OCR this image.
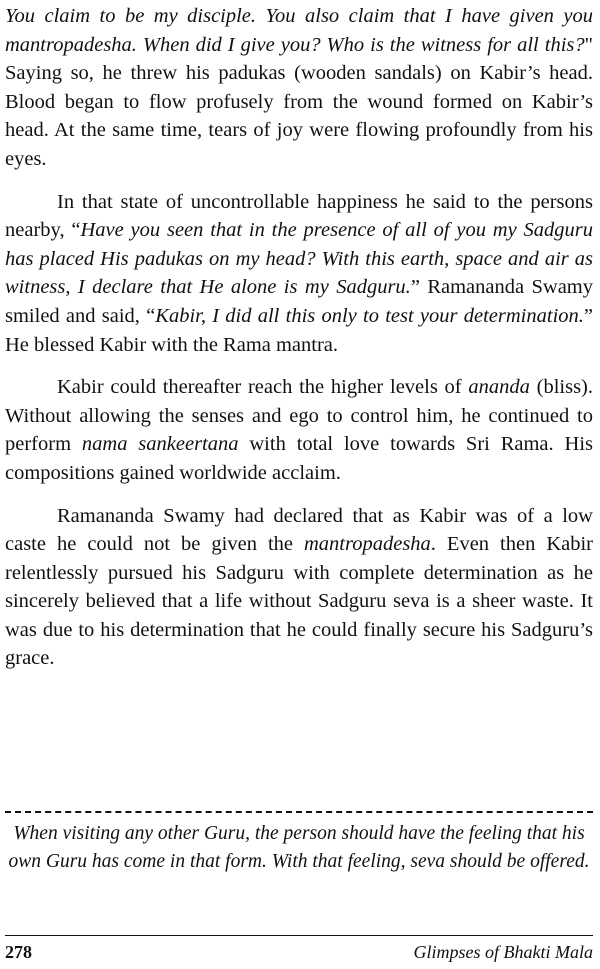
You claim to be my disciple. You also claim that I have given you mantropadesha. When did I give you? Who is the witness for all this?" Saying so, he threw his padukas (wooden sandals) on Kabir’s head. Blood began to flow profusely from the wound formed on Kabir’s head. At the same time, tears of joy were flowing profoundly from his eyes.

In that state of uncontrollable happiness he said to the persons nearby, “Have you seen that in the presence of all of you my Sadguru has placed His padukas on my head? With this earth, space and air as witness, I declare that He alone is my Sadguru.” Ramananda Swamy smiled and said, “Kabir, I did all this only to test your determination.” He blessed Kabir with the Rama mantra.

Kabir could thereafter reach the higher levels of ananda (bliss). Without allowing the senses and ego to control him, he continued to perform nama sankeertana with total love towards Sri Rama. His compositions gained worldwide acclaim.

Ramananda Swamy had declared that as Kabir was of a low caste he could not be given the mantropadesha. Even then Kabir relentlessly pursued his Sadguru with complete determination as he sincerely believed that a life without Sadguru seva is a sheer waste. It was due to his determination that he could finally secure his Sadguru’s grace.

When visiting any other Guru, the person should have the feeling that his own Guru has come in that form. With that feeling, seva should be offered.
278	Glimpses of Bhakti Mala
